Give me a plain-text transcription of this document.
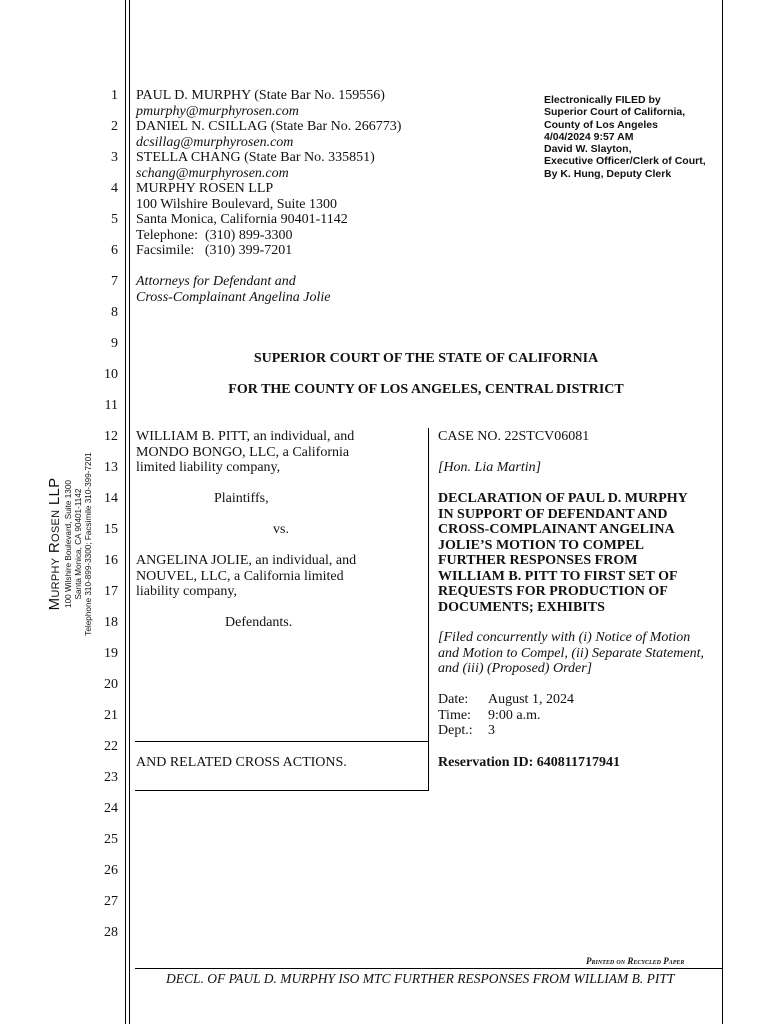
Murphy Rosen LLP 100 Wilshire Boulevard, Suite 1300 Santa Monica, CA 90401-1142 Telephone 310-899-3300; Facsimile 310-399-7201
1
2
3
4
5
6
7
8
9
10
11
12
13
14
15
16
17
18
19
20
21
22
23
24
25
26
27
28
PAUL D. MURPHY (State Bar No. 159556)
pmurphy@murphyrosen.com
DANIEL N. CSILLAG (State Bar No. 266773)
dcsillag@murphyrosen.com
STELLA CHANG (State Bar No. 335851)
schang@murphyrosen.com
MURPHY ROSEN LLP
100 Wilshire Boulevard, Suite 1300
Santa Monica, California 90401-1142
Telephone:  (310) 899-3300
Facsimile:   (310) 399-7201
Attorneys for Defendant and
Cross-Complainant Angelina Jolie
Electronically FILED by
Superior Court of California,
County of Los Angeles
4/04/2024 9:57 AM
David W. Slayton,
Executive Officer/Clerk of Court,
By K. Hung, Deputy Clerk
SUPERIOR COURT OF THE STATE OF CALIFORNIA
FOR THE COUNTY OF LOS ANGELES, CENTRAL DISTRICT
WILLIAM B. PITT, an individual, and
MONDO BONGO, LLC, a California
limited liability company,
Plaintiffs,
vs.
ANGELINA JOLIE, an individual, and
NOUVEL, LLC, a California limited
liability company,
Defendants.
AND RELATED CROSS ACTIONS.
CASE NO. 22STCV06081
[Hon. Lia Martin]
DECLARATION OF PAUL D. MURPHY
IN SUPPORT OF DEFENDANT AND
CROSS-COMPLAINANT ANGELINA
JOLIE’S MOTION TO COMPEL
FURTHER RESPONSES FROM
WILLIAM B. PITT TO FIRST SET OF
REQUESTS FOR PRODUCTION OF
DOCUMENTS; EXHIBITS
[Filed concurrently with (i) Notice of Motion
and Motion to Compel, (ii) Separate Statement,
and (iii) (Proposed) Order]
Date: August 1, 2024
Time: 9:00 a.m.
Dept.: 3
Reservation ID: 640811717941
Printed on Recycled Paper
DECL. OF PAUL D. MURPHY ISO MTC FURTHER RESPONSES FROM WILLIAM B. PITT
